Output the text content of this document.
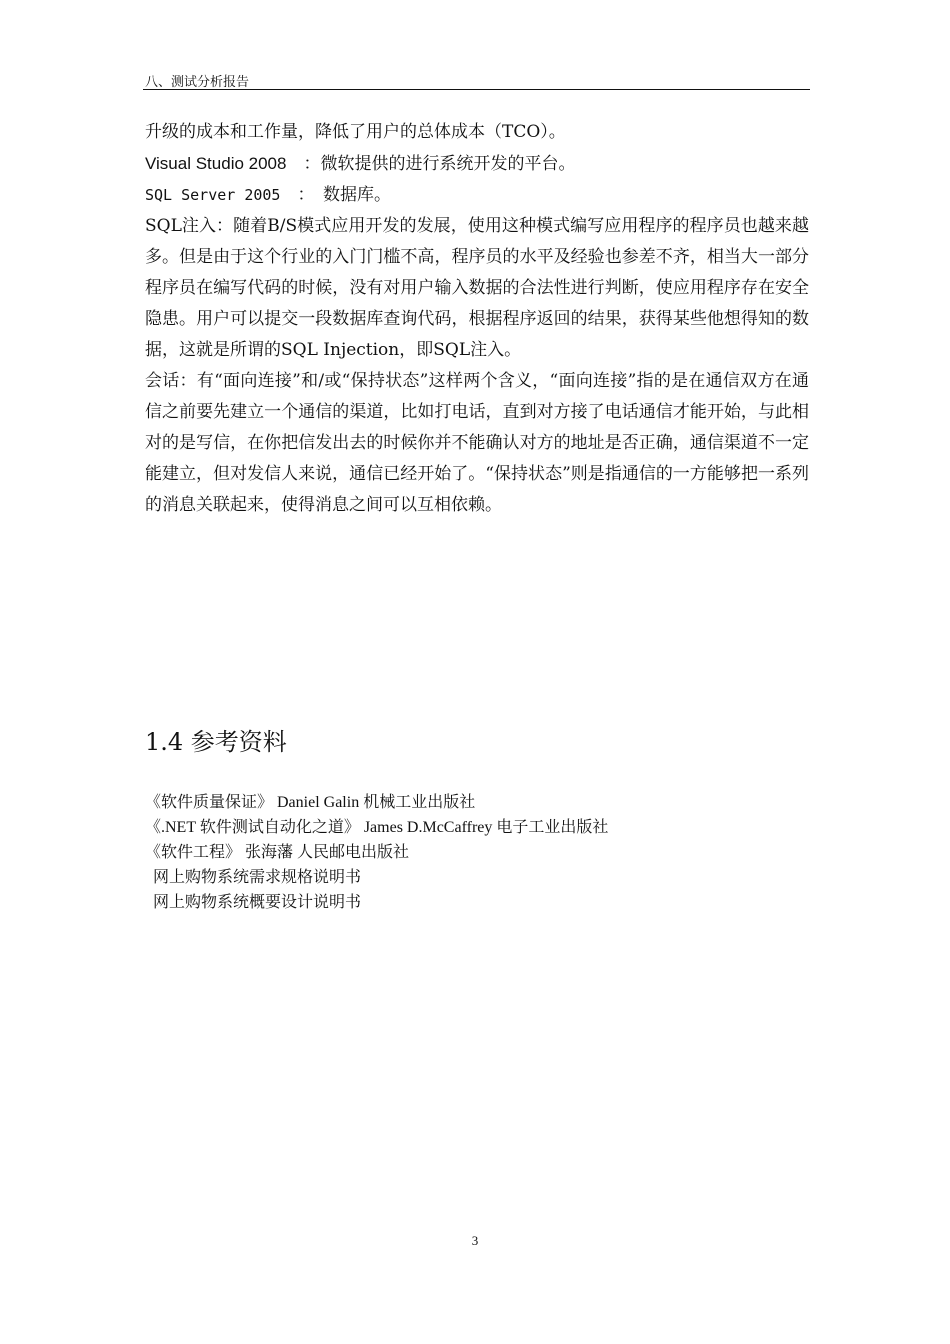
八、测试分析报告

升级的成本和工作量，降低了用户的总体成本（TCO）。

Visual Studio 2008　：微软提供的进行系统开发的平台。

SQL Server 2005　：　数据库。

SQL注入：随着B/S模式应用开发的发展，使用这种模式编写应用程序的程序员也越来越多。但是由于这个行业的入门门槛不高，程序员的水平及经验也参差不齐，相当大一部分程序员在编写代码的时候，没有对用户输入数据的合法性进行判断，使应用程序存在安全隐患。用户可以提交一段数据库查询代码，根据程序返回的结果，获得某些他想得知的数据，这就是所谓的SQL Injection，即SQL注入。

会话：有“面向连接”和/或“保持状态”这样两个含义，“面向连接”指的是在通信双方在通信之前要先建立一个通信的渠道，比如打电话，直到对方接了电话通信才能开始，与此相对的是写信，在你把信发出去的时候你并不能确认对方的地址是否正确，通信渠道不一定能建立，但对发信人来说，通信已经开始了。“保持状态”则是指通信的一方能够把一系列的消息关联起来，使得消息之间可以互相依赖。

1.4 参考资料
《软件质量保证》 Daniel Galin 机械工业出版社
《.NET 软件测试自动化之道》 James D.McCaffrey 电子工业出版社
《软件工程》 张海藩 人民邮电出版社
网上购物系统需求规格说明书
网上购物系统概要设计说明书
3
